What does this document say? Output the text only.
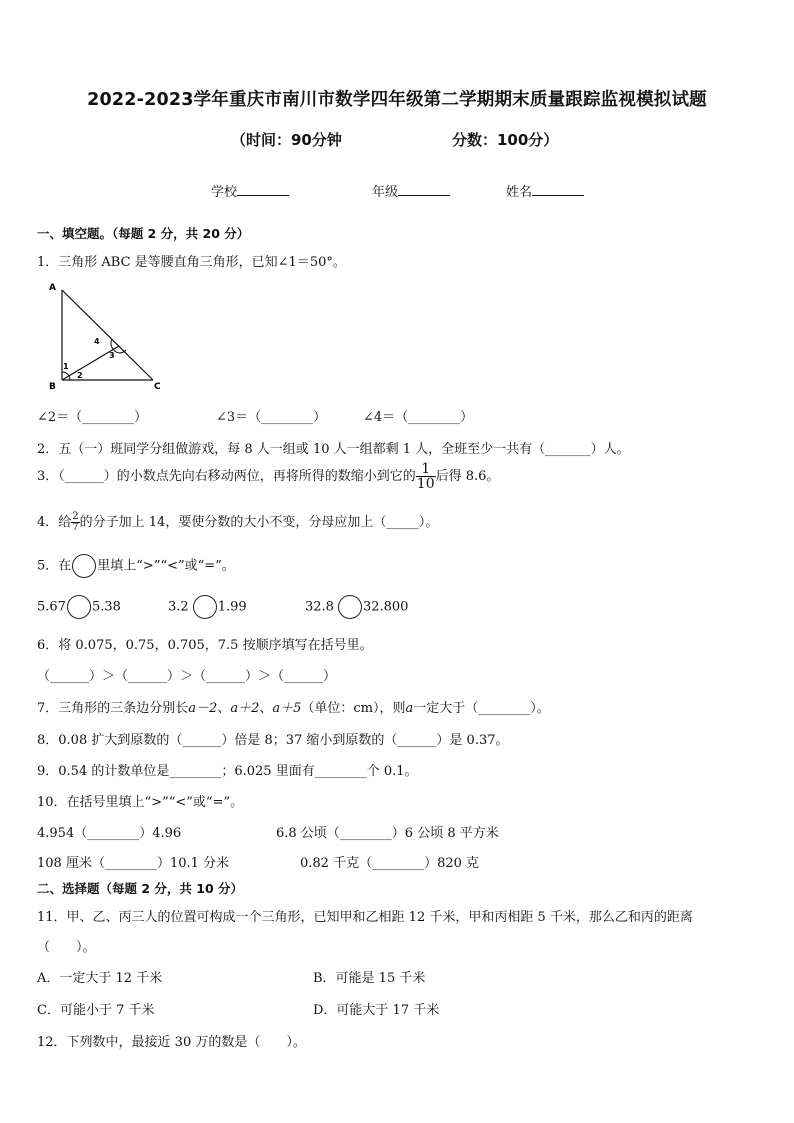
2022-2023学年重庆市南川市数学四年级第二学期期末质量跟踪监视模拟试题
（时间：90分钟	分数：100分）
学校	年级	姓名
一、填空题。（每题 2 分，共 20 分）
1．三角形 ABC 是等腰直角三角形，已知∠1＝50°。
A
B	C
1
2
3
4
∠2＝（________）	∠3＝（________）	∠4＝（________）
2．五（一）班同学分组做游戏，每 8 人一组或 10 人一组都剩 1 人，全班至少一共有（_______）人。
3．（______）的小数点先向右移动两位，再将所得的数缩小到它的 $\frac{1}{10}$ 后得 8.6。
4．给 $\frac{2}{7}$ 的分子加上 14，要使分数的大小不变，分母应加上（_____）。
5．在 里填上“>”“<”或“=”。
5.67 5.38	3.2 1.99	32.8 32.800
6．将 0.075，0.75，0.705，7.5 按顺序填写在括号里。
（______）＞（______）＞（______）＞（______）
7．三角形的三条边分别长a－2、a＋2、a＋5（单位：cm），则a一定大于（________）。
8．0.08 扩大到原数的（______）倍是 8；37 缩小到原数的（______）是 0.37。
9．0.54 的计数单位是________；6.025 里面有________个 0.1。
10．在括号里填上“>”“<”或“=”。
4.954（________）4.96	6.8 公顷（________）6 公顷 8 平方米
108 厘米（________）10.1 分米	0.82 千克（________）820 克
二、选择题（每题 2 分，共 10 分）
11．甲、乙、丙三人的位置可构成一个三角形，已知甲和乙相距 12 千米，甲和丙相距 5 千米，那么乙和丙的距离
（　　）。
A．一定大于 12 千米	B．可能是 15 千米
C．可能小于 7 千米	D．可能大于 17 千米
12．下列数中，最接近 30 万的数是（　　）。
